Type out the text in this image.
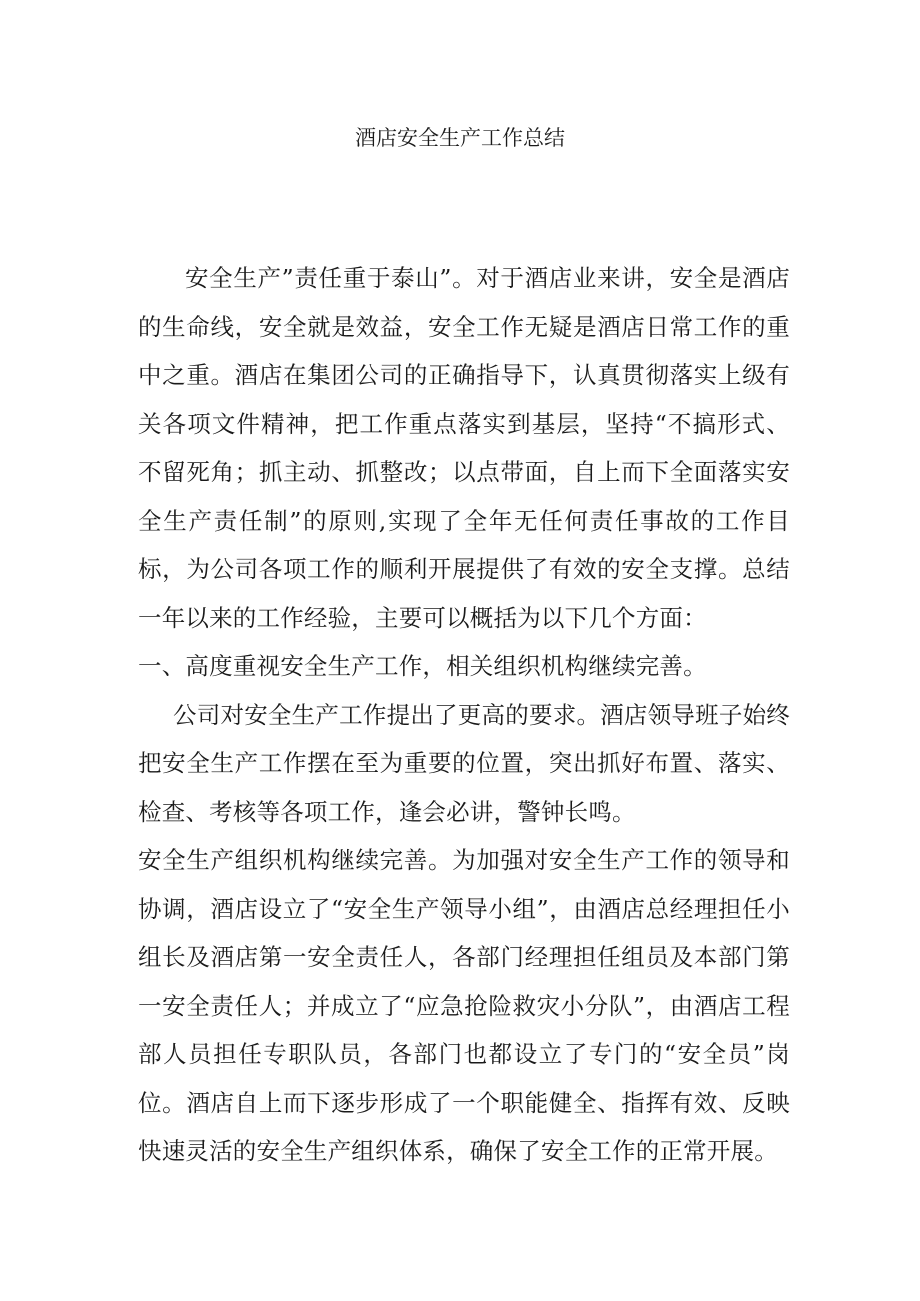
酒店安全生产工作总结

安全生产”责任重于泰山”。对于酒店业来讲，安全是酒店的生命线，安全就是效益，安全工作无疑是酒店日常工作的重中之重。酒店在集团公司的正确指导下，认真贯彻落实上级有关各项文件精神，把工作重点落实到基层，坚持“不搞形式、不留死角；抓主动、抓整改；以点带面，自上而下全面落实安全生产责任制”的原则,实现了全年无任何责任事故的工作目标，为公司各项工作的顺利开展提供了有效的安全支撑。总结一年以来的工作经验，主要可以概括为以下几个方面：

一、高度重视安全生产工作，相关组织机构继续完善。

公司对安全生产工作提出了更高的要求。酒店领导班子始终把安全生产工作摆在至为重要的位置，突出抓好布置、落实、检查、考核等各项工作，逢会必讲，警钟长鸣。

安全生产组织机构继续完善。为加强对安全生产工作的领导和协调，酒店设立了“安全生产领导小组”，由酒店总经理担任小组长及酒店第一安全责任人，各部门经理担任组员及本部门第一安全责任人；并成立了“应急抢险救灾小分队”，由酒店工程部人员担任专职队员，各部门也都设立了专门的“安全员”岗位。酒店自上而下逐步形成了一个职能健全、指挥有效、反映快速灵活的安全生产组织体系，确保了安全工作的正常开展。
